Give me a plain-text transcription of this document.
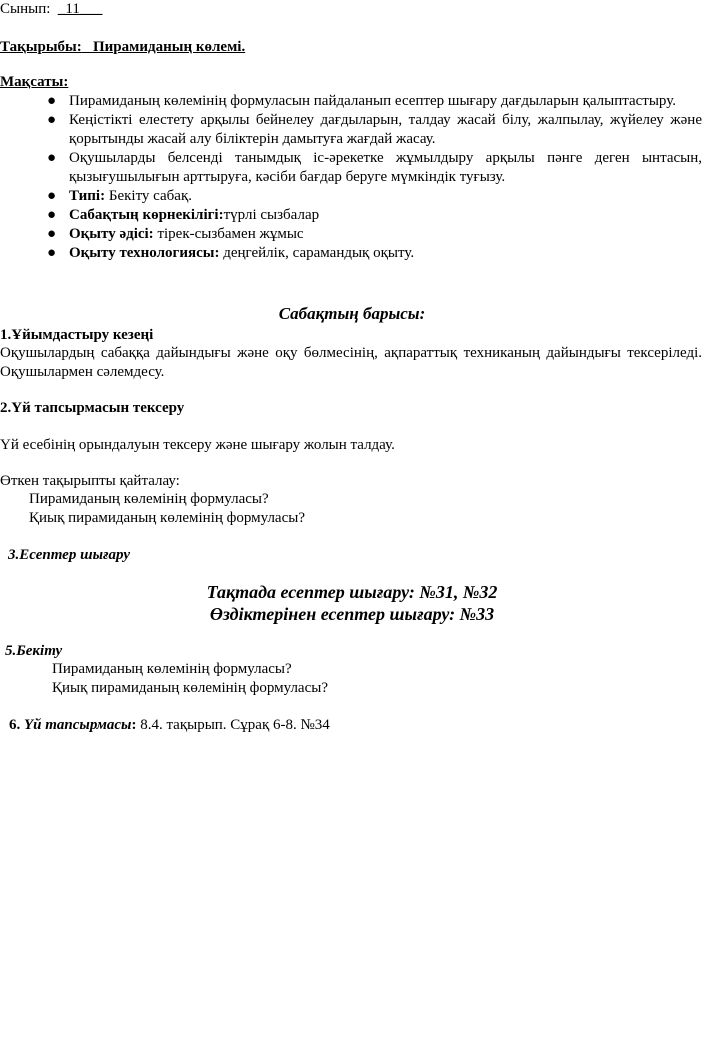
Сынып: _11___
Тақырыбы: Пирамиданың көлемі.
Мақсаты:
● Пирамиданың көлемінің формуласын пайдаланып есептер шығару дағдыларын қалыптастыру.
● Кеңістікті елестету арқылы бейнелеу дағдыларын, талдау жасай білу, жалпылау, жүйелеу және қорытынды жасай алу біліктерін дамытуға жағдай жасау.
● Оқушыларды белсенді танымдық іс-әрекетке жұмылдыру арқылы пәнге деген ынтасын, қызығушылығын арттыруға, кәсіби бағдар беруге мүмкіндік туғызу.
● Типі: Бекіту сабақ.
● Сабақтың көрнекілігі:түрлі сызбалар
● Оқыту әдісі: тірек-сызбамен жұмыс
● Оқыту технологиясы: деңгейлік, сарамандық оқыту.
Сабақтың барысы:
1.Ұйымдастыру кезеңі
Оқушылардың сабаққа дайындығы және оқу бөлмесінің, ақпараттық техниканың дайындығы тексеріледі. Оқушылармен сәлемдесу.
2.Үй тапсырмасын тексеру
Үй есебінің орындалуын тексеру және шығару жолын талдау.
Өткен тақырыпты қайталау:
Пирамиданың көлемінің формуласы?
Қиық пирамиданың көлемінің формуласы?
3.Есептер шығару
Тақтада есептер шығару: №31, №32
Өздіктерінен есептер шығару: №33
5.Бекіту
Пирамиданың көлемінің формуласы?
Қиық пирамиданың көлемінің формуласы?
6. Үй тапсырмасы: 8.4. тақырып. Сұрақ 6-8. №34
